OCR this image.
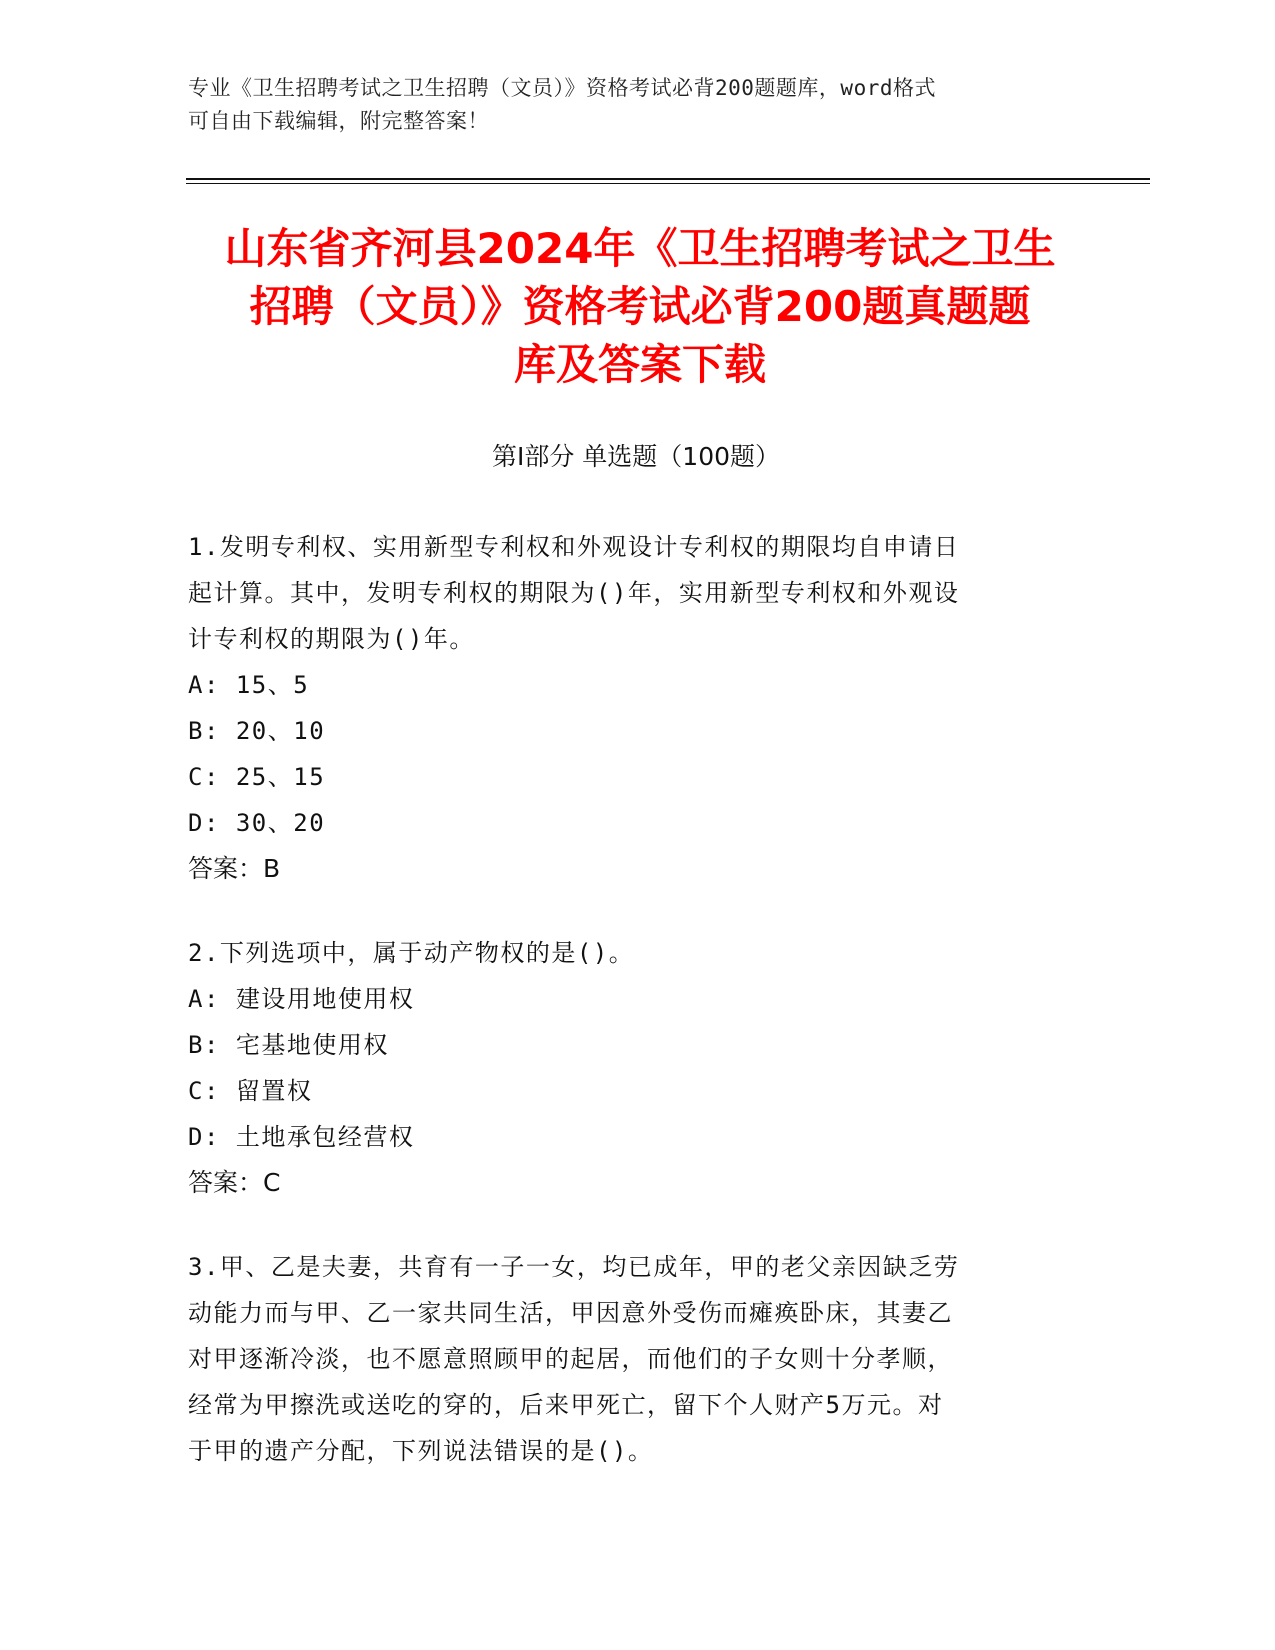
专业《卫生招聘考试之卫生招聘（文员）》资格考试必背200题题库，word格式
可自由下载编辑，附完整答案！
山东省齐河县2024年《卫生招聘考试之卫生
招聘（文员）》资格考试必背200题真题题
库及答案下载
第Ⅰ部分 单选题（100题）
1.发明专利权、实用新型专利权和外观设计专利权的期限均自申请日
起计算。其中，发明专利权的期限为()年，实用新型专利权和外观设
计专利权的期限为()年。
A: 15、5
B: 20、10
C: 25、15
D: 30、20
答案：B
2.下列选项中，属于动产物权的是()。
A: 建设用地使用权
B: 宅基地使用权
C: 留置权
D: 土地承包经营权
答案：C
3.甲、乙是夫妻，共育有一子一女，均已成年，甲的老父亲因缺乏劳
动能力而与甲、乙一家共同生活，甲因意外受伤而瘫痪卧床，其妻乙
对甲逐渐冷淡，也不愿意照顾甲的起居，而他们的子女则十分孝顺，
经常为甲擦洗或送吃的穿的，后来甲死亡，留下个人财产5万元。对
于甲的遗产分配，下列说法错误的是()。
